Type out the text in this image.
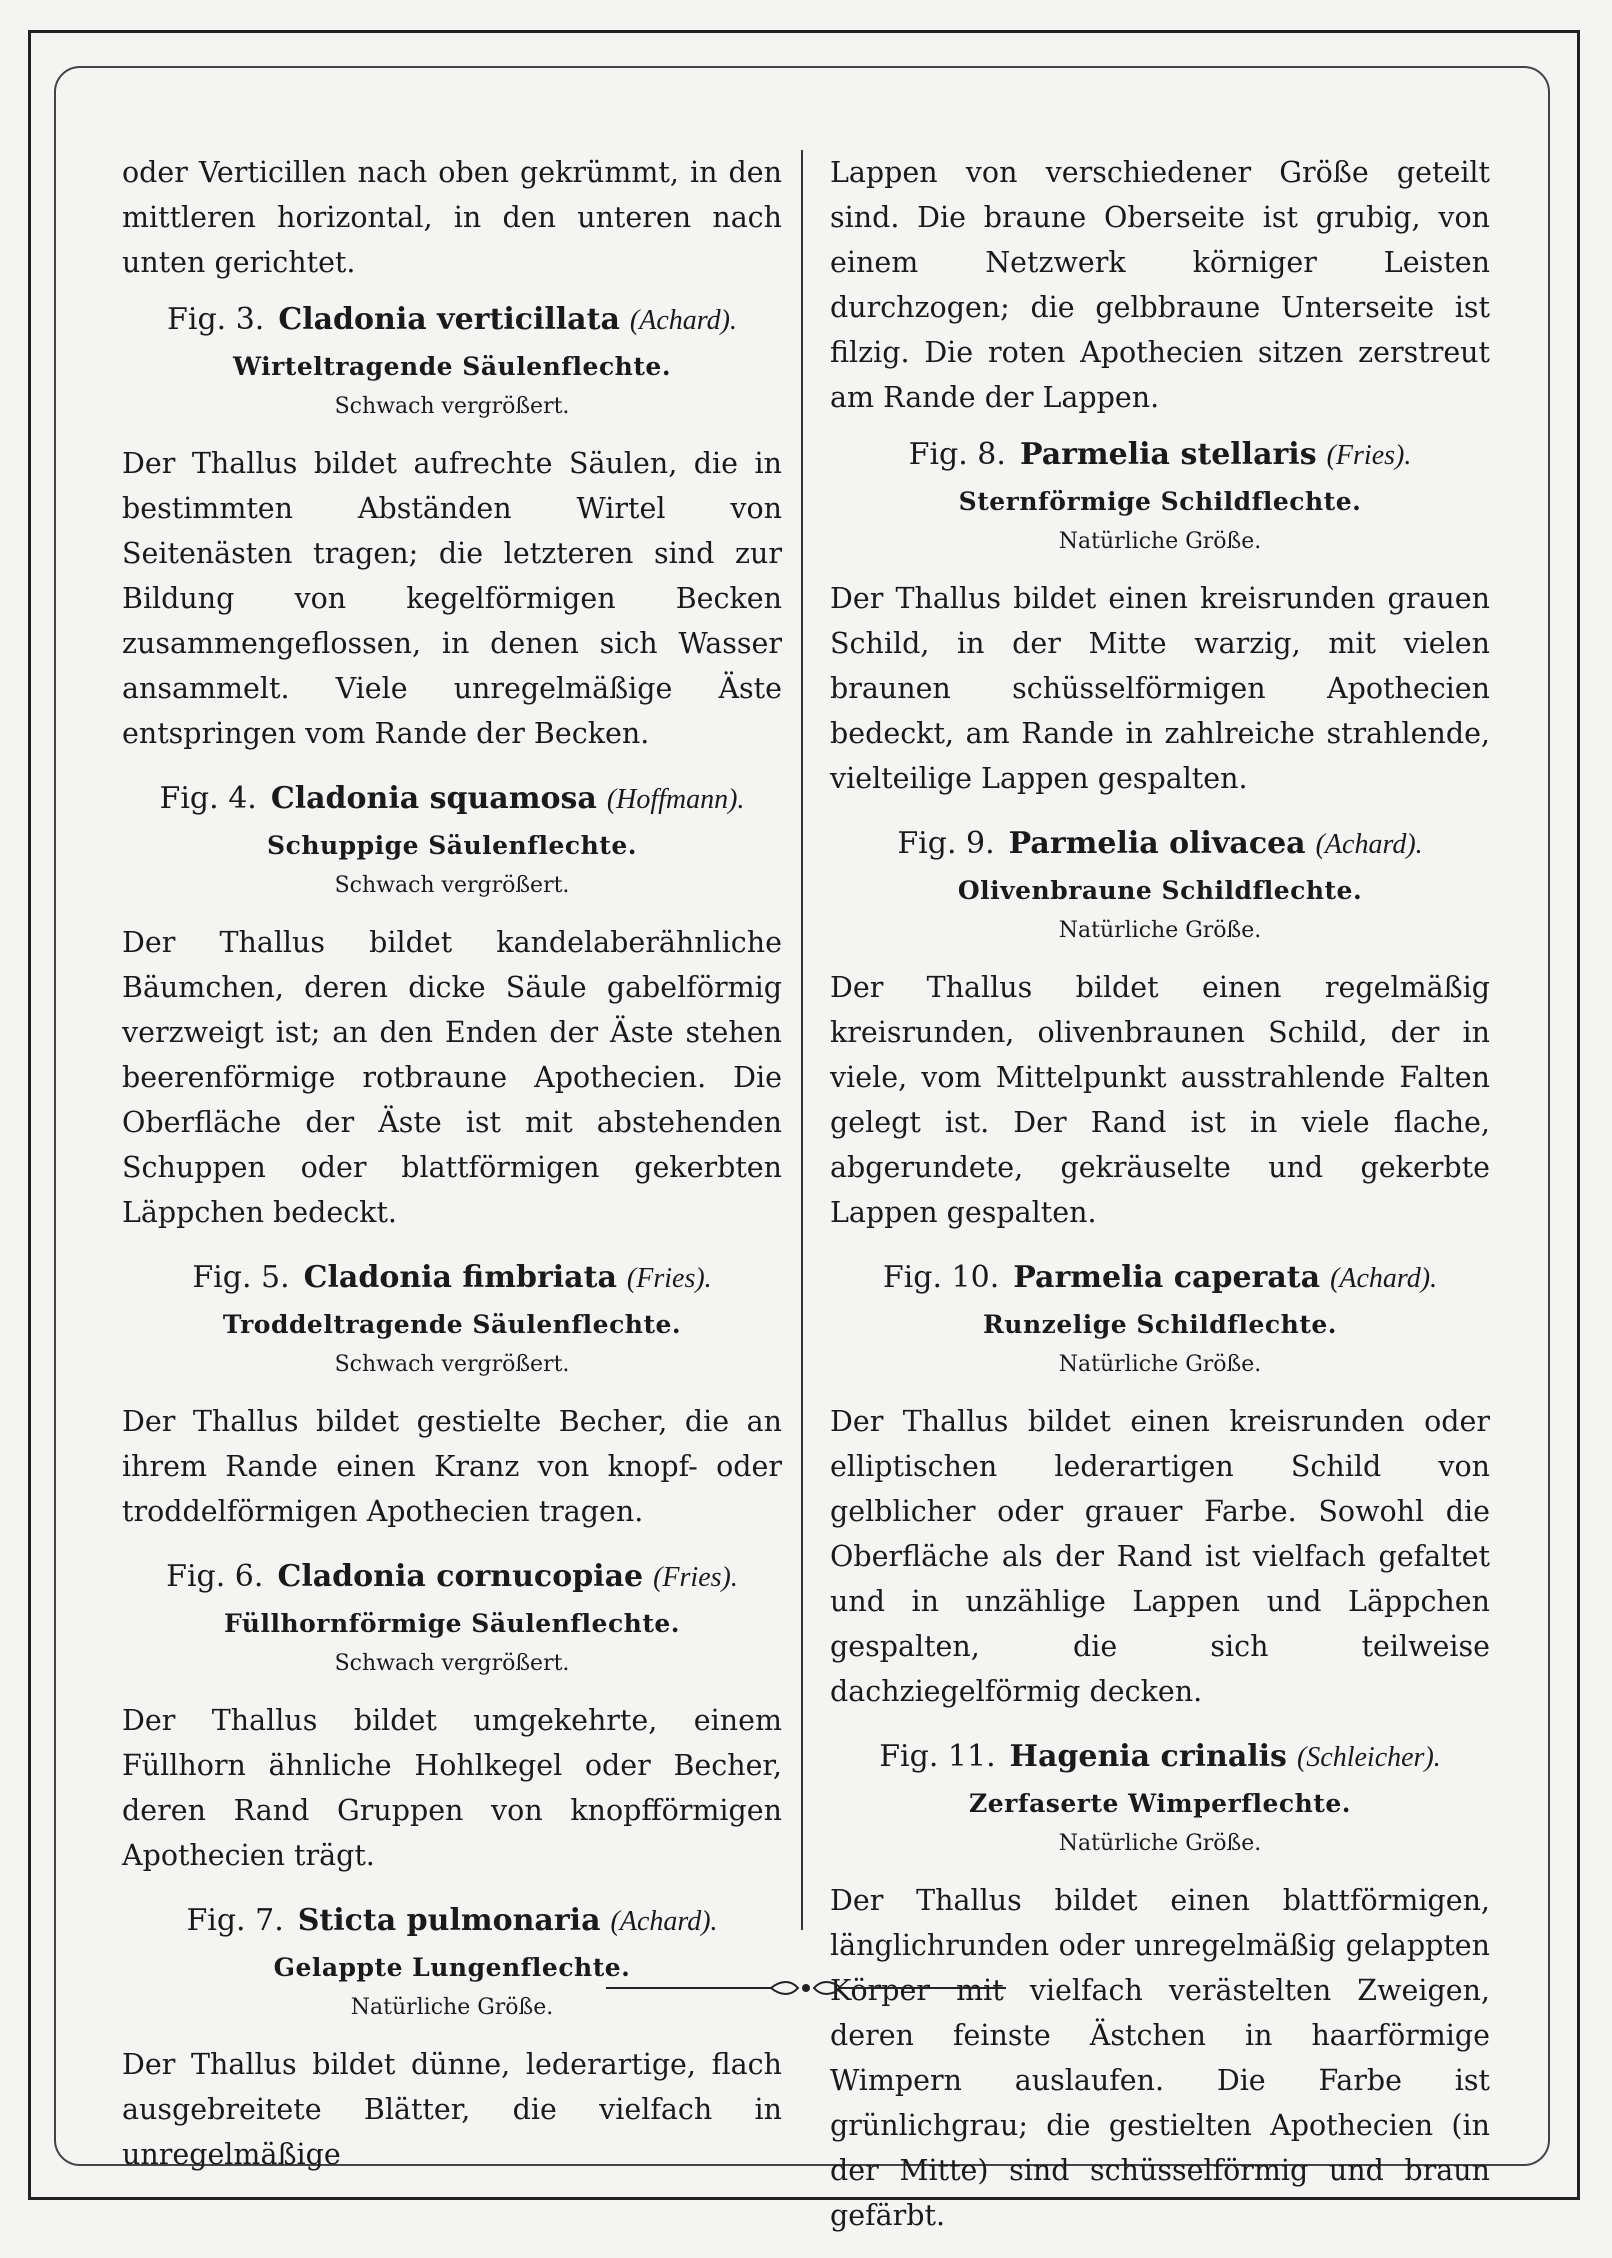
oder Verticillen nach oben gekrümmt, in den mittleren horizontal, in den unteren nach unten gerichtet.

Fig. 3. Cladonia verticillata (Achard).
Wirteltragende Säulenflechte.
Schwach vergrößert.

Der Thallus bildet aufrechte Säulen, die in bestimmten Abständen Wirtel von Seitenästen tragen; die letzteren sind zur Bildung von kegelförmigen Becken zusammengeflossen, in denen sich Wasser ansammelt. Viele unregelmäßige Äste entspringen vom Rande der Becken.

Fig. 4. Cladonia squamosa (Hoffmann).
Schuppige Säulenflechte.
Schwach vergrößert.

Der Thallus bildet kandelaberähnliche Bäumchen, deren dicke Säule gabelförmig verzweigt ist; an den Enden der Äste stehen beerenförmige rotbraune Apothecien. Die Oberfläche der Äste ist mit abstehenden Schuppen oder blattförmigen gekerbten Läppchen bedeckt.

Fig. 5. Cladonia fimbriata (Fries).
Troddeltragende Säulenflechte.
Schwach vergrößert.

Der Thallus bildet gestielte Becher, die an ihrem Rande einen Kranz von knopf- oder troddelförmigen Apothecien tragen.

Fig. 6. Cladonia cornucopiae (Fries).
Füllhornförmige Säulenflechte.
Schwach vergrößert.

Der Thallus bildet umgekehrte, einem Füllhorn ähnliche Hohlkegel oder Becher, deren Rand Gruppen von knopfförmigen Apothecien trägt.

Fig. 7. Sticta pulmonaria (Achard).
Gelappte Lungenflechte.
Natürliche Größe.

Der Thallus bildet dünne, lederartige, flach ausgebreitete Blätter, die vielfach in unregelmäßige

Lappen von verschiedener Größe geteilt sind. Die braune Oberseite ist grubig, von einem Netzwerk körniger Leisten durchzogen; die gelbbraune Unterseite ist filzig. Die roten Apothecien sitzen zerstreut am Rande der Lappen.

Fig. 8. Parmelia stellaris (Fries).
Sternförmige Schildflechte.
Natürliche Größe.

Der Thallus bildet einen kreisrunden grauen Schild, in der Mitte warzig, mit vielen braunen schüsselförmigen Apothecien bedeckt, am Rande in zahlreiche strahlende, vielteilige Lappen gespalten.

Fig. 9. Parmelia olivacea (Achard).
Olivenbraune Schildflechte.
Natürliche Größe.

Der Thallus bildet einen regelmäßig kreisrunden, olivenbraunen Schild, der in viele, vom Mittelpunkt ausstrahlende Falten gelegt ist. Der Rand ist in viele flache, abgerundete, gekräuselte und gekerbte Lappen gespalten.

Fig. 10. Parmelia caperata (Achard).
Runzelige Schildflechte.
Natürliche Größe.

Der Thallus bildet einen kreisrunden oder elliptischen lederartigen Schild von gelblicher oder grauer Farbe. Sowohl die Oberfläche als der Rand ist vielfach gefaltet und in unzählige Lappen und Läppchen gespalten, die sich teilweise dachziegelförmig decken.

Fig. 11. Hagenia crinalis (Schleicher).
Zerfaserte Wimperflechte.
Natürliche Größe.

Der Thallus bildet einen blattförmigen, länglichrunden oder unregelmäßig gelappten Körper mit vielfach verästelten Zweigen, deren feinste Ästchen in haarförmige Wimpern auslaufen. Die Farbe ist grünlichgrau; die gestielten Apothecien (in der Mitte) sind schüsselförmig und braun gefärbt.
